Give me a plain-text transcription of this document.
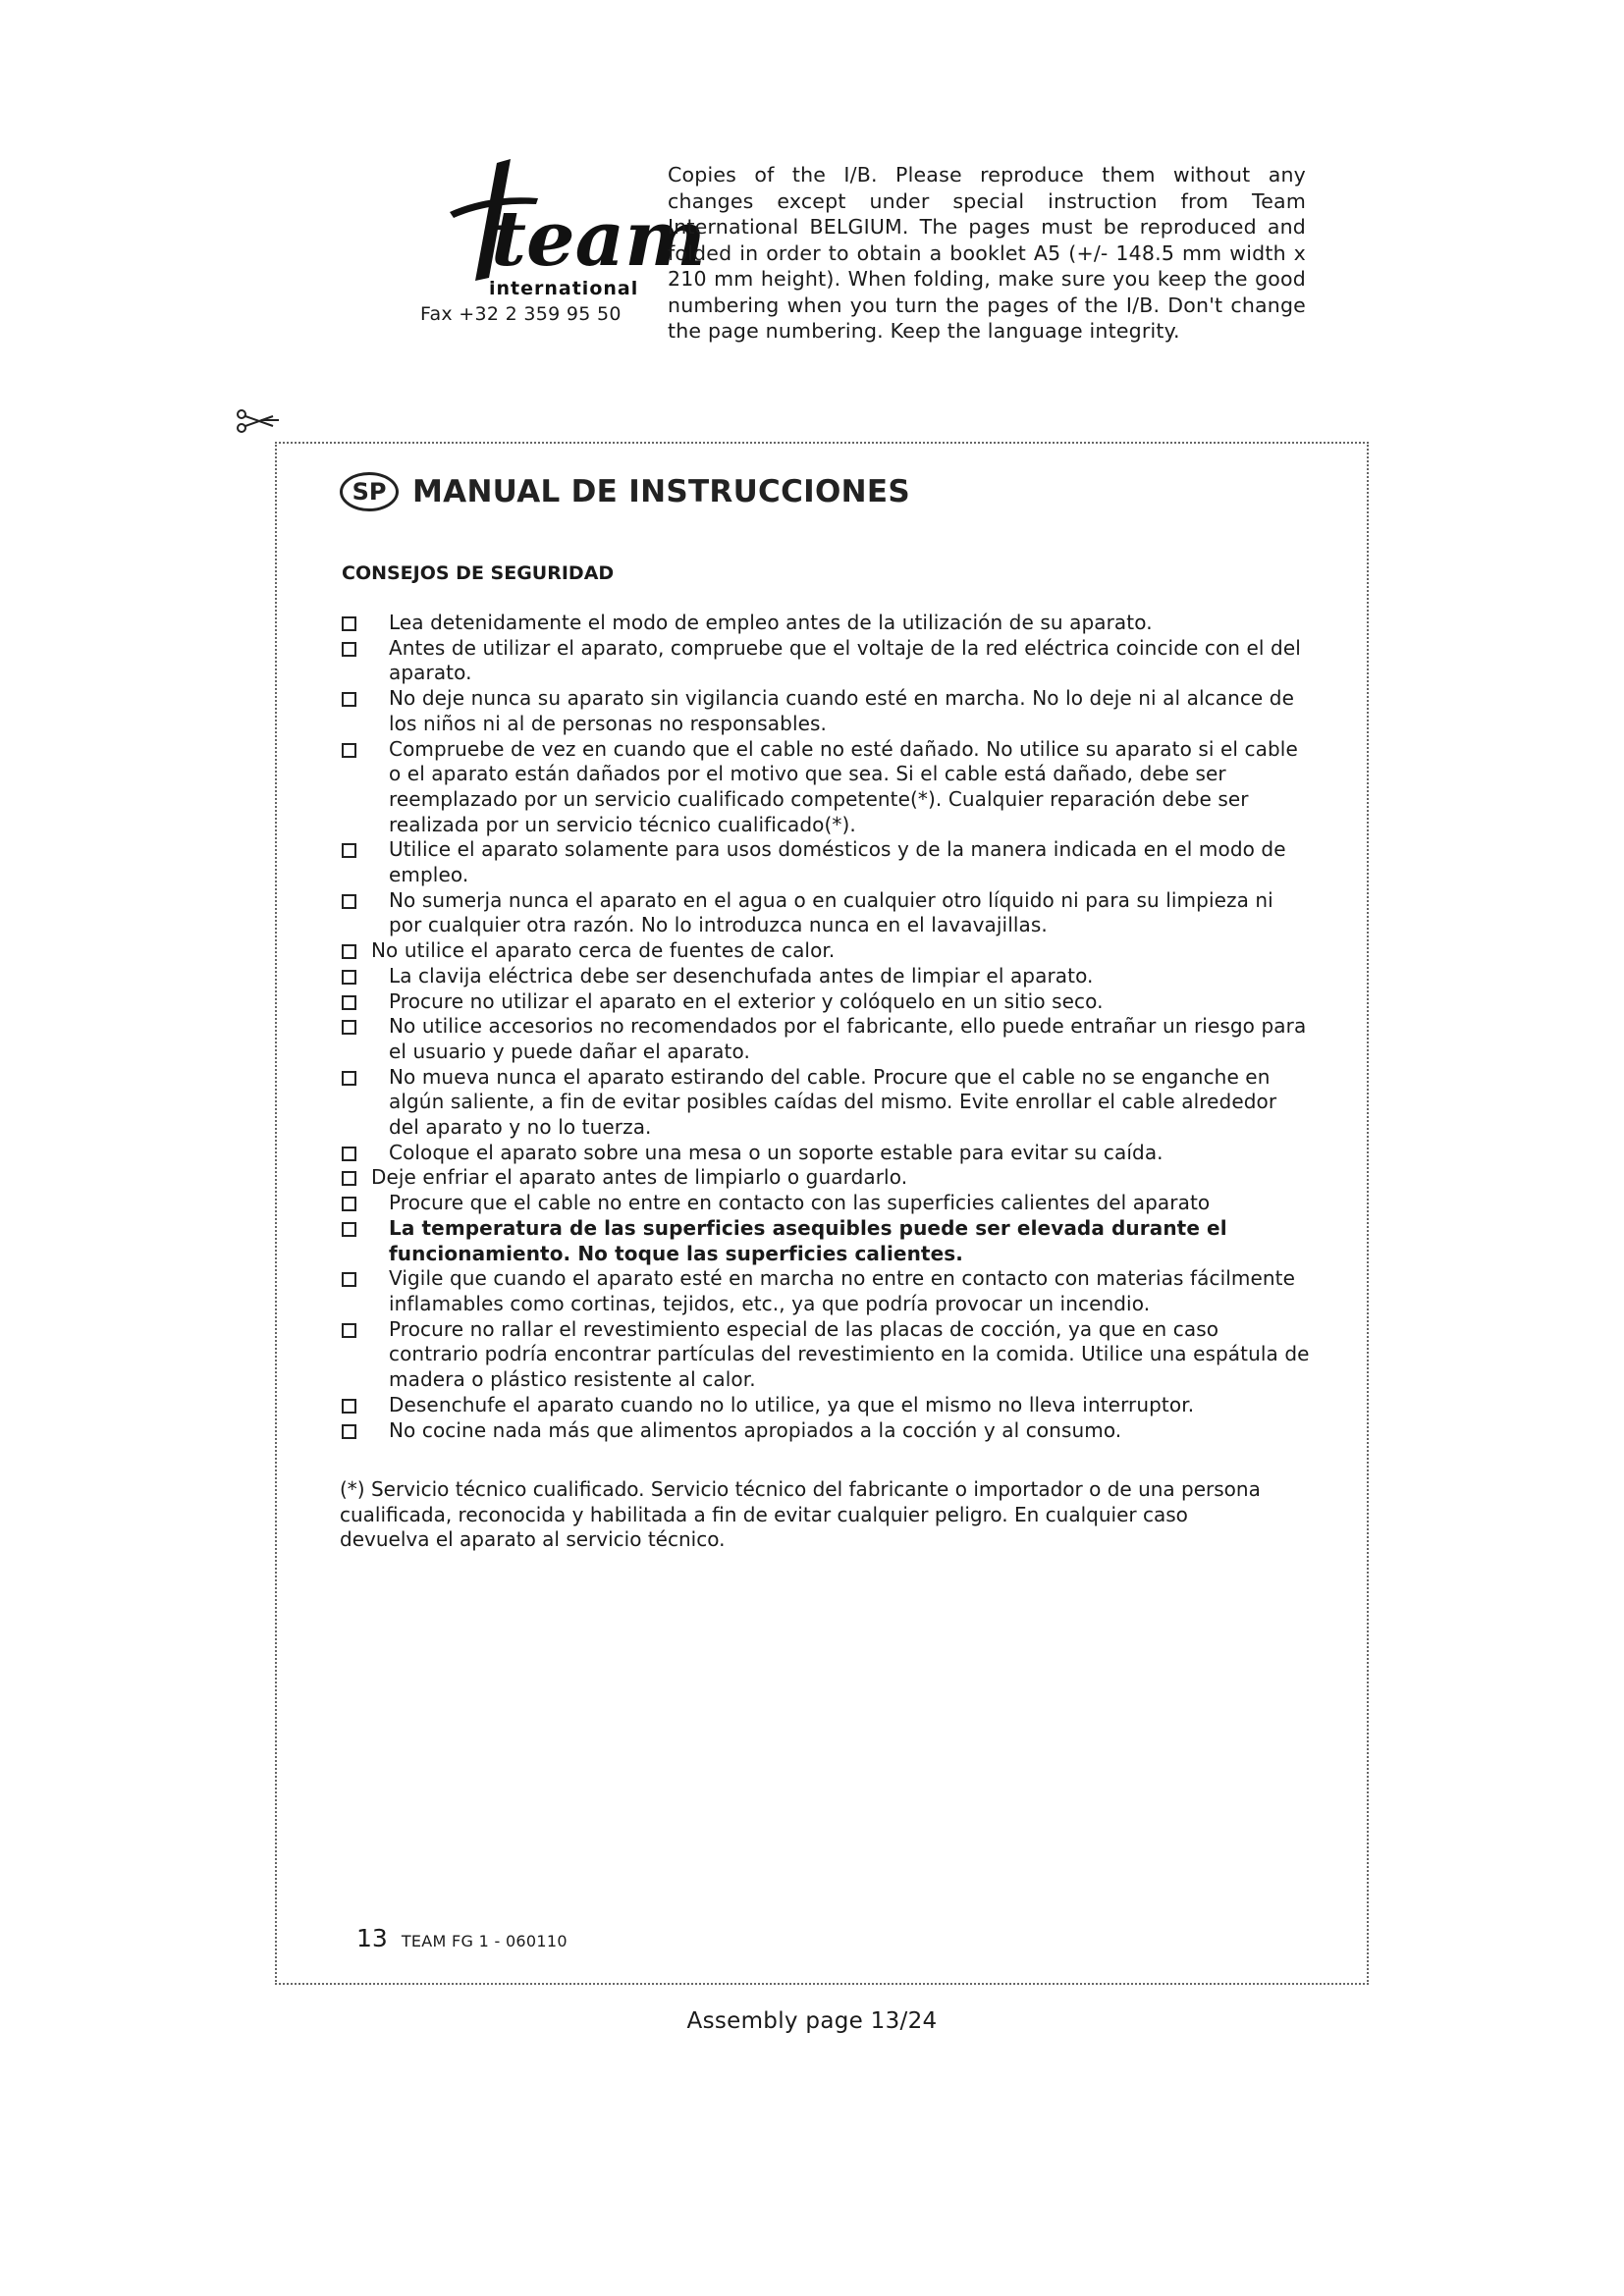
team
international
Fax +32 2 359 95 50
Copies of the I/B. Please reproduce them without any changes except under special instruction from Team International BELGIUM. The pages must be reproduced and folded in order to obtain a booklet A5 (+/- 148.5 mm width x 210 mm height). When folding, make sure you keep the good numbering when you turn the pages of the I/B. Don't change the page numbering. Keep the language integrity.
SP MANUAL DE INSTRUCCIONES
CONSEJOS DE SEGURIDAD
Lea detenidamente el modo de empleo antes de la utilización de su aparato.
Antes de utilizar el aparato, compruebe que el voltaje de la red eléctrica coincide con el del aparato.
No deje nunca su aparato sin vigilancia cuando esté en marcha. No lo deje ni al alcance de los niños ni al de personas no responsables.
Compruebe de vez en cuando que el cable no esté dañado. No utilice su aparato si el cable o el aparato están dañados por el motivo que sea. Si el cable está dañado, debe ser reemplazado por un servicio cualificado competente(*). Cualquier reparación debe ser realizada por un servicio técnico cualificado(*).
Utilice el aparato solamente para usos domésticos y de la manera indicada en el modo de empleo.
No sumerja nunca el aparato en el agua o en cualquier otro líquido ni para su limpieza ni por cualquier otra razón. No lo introduzca nunca en el lavavajillas.
No utilice el aparato cerca de fuentes de calor.
La clavija eléctrica debe ser desenchufada antes de limpiar el aparato.
Procure no utilizar el aparato en el exterior y colóquelo en un sitio seco.
No utilice accesorios no recomendados por el fabricante, ello puede entrañar un riesgo para el usuario y puede dañar el aparato.
No mueva nunca el aparato estirando del cable. Procure que el cable no se enganche en algún saliente, a fin de evitar posibles caídas del mismo. Evite enrollar el cable alrededor del aparato y no lo tuerza.
Coloque el aparato sobre una mesa o un soporte estable para evitar su caída.
Deje enfriar el aparato antes de limpiarlo o guardarlo.
Procure que el cable no entre en contacto con las superficies calientes del aparato
La temperatura de las superficies asequibles puede ser elevada durante el funcionamiento. No toque las superficies calientes.
Vigile que cuando el aparato esté en marcha no entre en contacto con materias fácilmente inflamables como cortinas, tejidos, etc., ya que podría provocar un incendio.
Procure no rallar el revestimiento especial de las placas de cocción, ya que en caso contrario podría encontrar partículas del revestimiento en la comida. Utilice una espátula de madera o plástico resistente al calor.
Desenchufe el aparato cuando no lo utilice, ya que el mismo no lleva interruptor.
No cocine nada más que alimentos apropiados a la cocción y al consumo.
(*) Servicio técnico cualificado. Servicio técnico del fabricante o importador o de una persona cualificada, reconocida y habilitada a fin de evitar cualquier peligro. En cualquier caso devuelva el aparato al servicio técnico.
13 TEAM FG 1 - 060110
Assembly page 13/24
